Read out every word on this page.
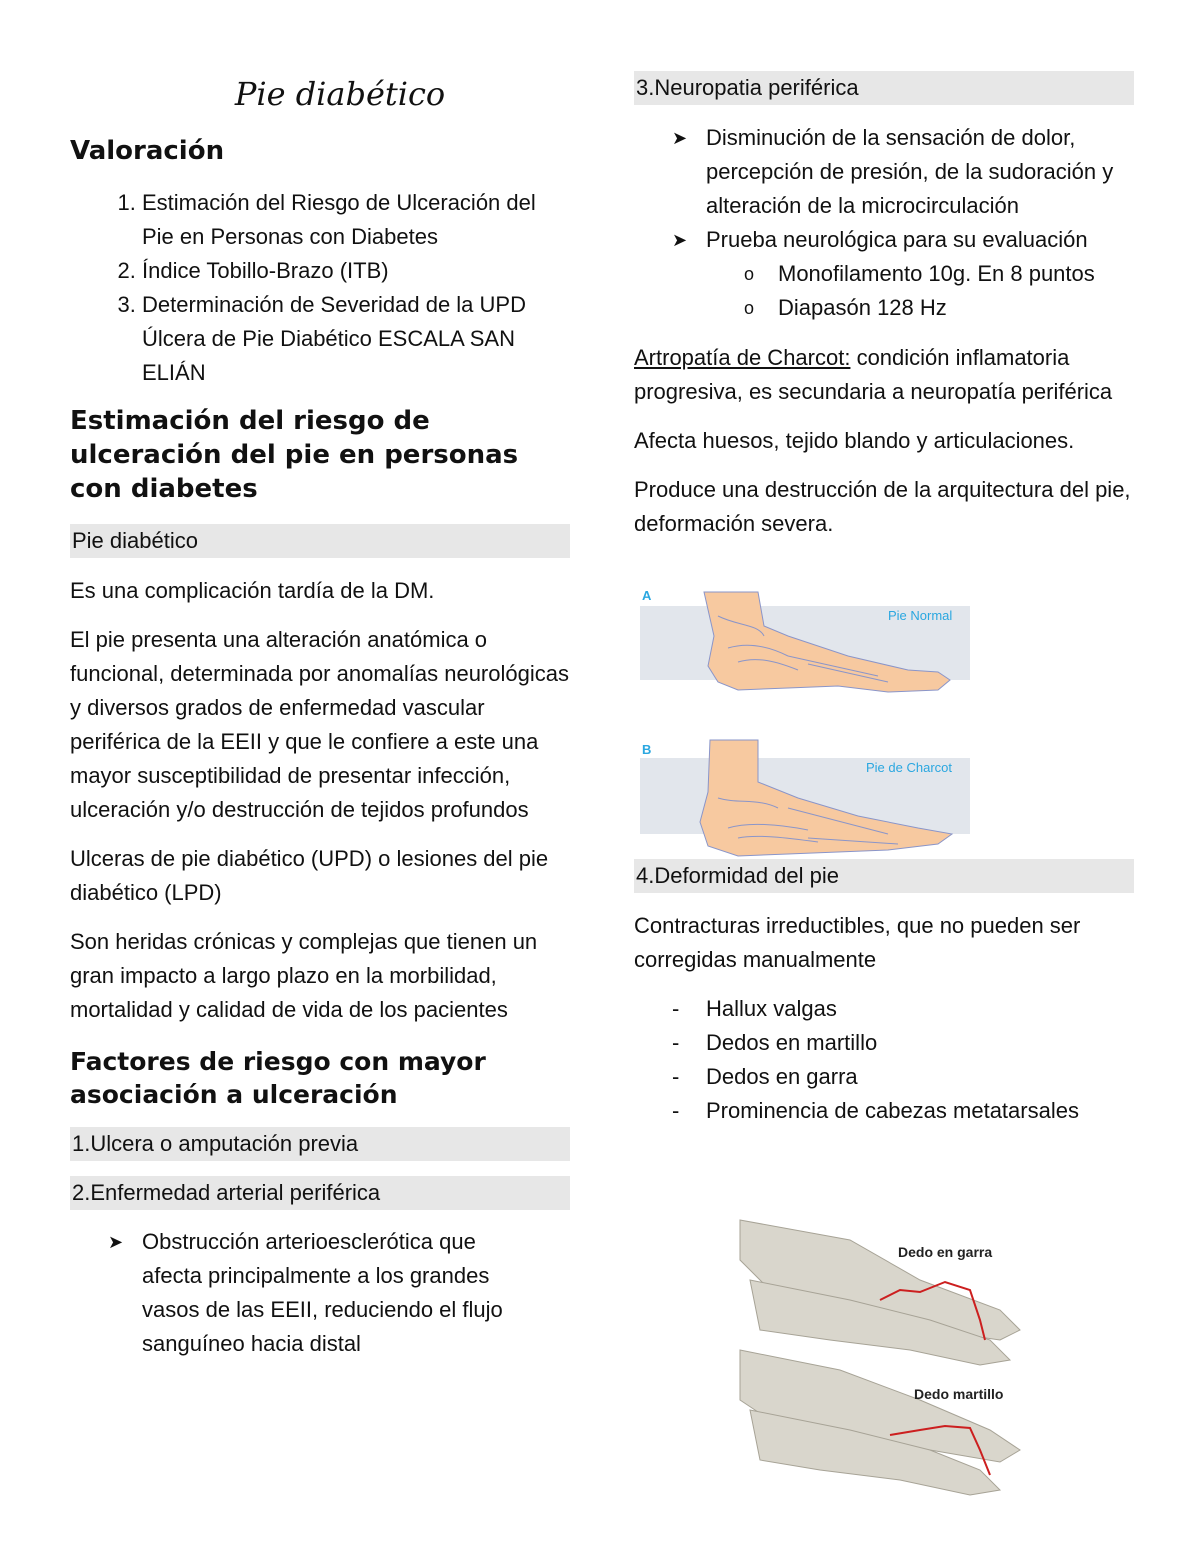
Pie diabético

Valoración

1. Estimación del Riesgo de Ulceración del Pie en Personas con Diabetes
2. Índice Tobillo-Brazo (ITB)
3. Determinación de Severidad de la UPD Úlcera de Pie Diabético ESCALA SAN ELIÁN

Estimación del riesgo de ulceración del pie en personas con diabetes

Pie diabético

Es una complicación tardía de la DM.

El pie presenta una alteración anatómica o funcional, determinada por anomalías neurológicas y diversos grados de enfermedad vascular periférica de la EEII y que le confiere a este una mayor susceptibilidad de presentar infección, ulceración y/o destrucción de tejidos profundos

Ulceras de pie diabético (UPD) o lesiones del pie diabético (LPD)

Son heridas crónicas y complejas que tienen un gran impacto a largo plazo en la morbilidad, mortalidad y calidad de vida de los pacientes

Factores de riesgo con mayor asociación a ulceración

1.Ulcera o amputación previa

2.Enfermedad arterial periférica

➤ Obstrucción arterioesclerótica que afecta principalmente a los grandes vasos de las EEII, reduciendo el flujo sanguíneo hacia distal

3.Neuropatia periférica

➤ Disminución de la sensación de dolor, percepción de presión, de la sudoración y alteración de la microcirculación
➤ Prueba neurológica para su evaluación
o Monofilamento 10g. En 8 puntos
o Diapasón 128 Hz

Artropatía de Charcot: condición inflamatoria progresiva, es secundaria a neuropatía periférica

Afecta huesos, tejido blando y articulaciones.

Produce una destrucción de la arquitectura del pie, deformación severa.

A
Pie Normal
B
Pie de Charcot

4.Deformidad del pie

Contracturas irreductibles, que no pueden ser corregidas manualmente

- Hallux valgas
- Dedos en martillo
- Dedos en garra
- Prominencia de cabezas metatarsales
Dedo en garra
Dedo martillo
